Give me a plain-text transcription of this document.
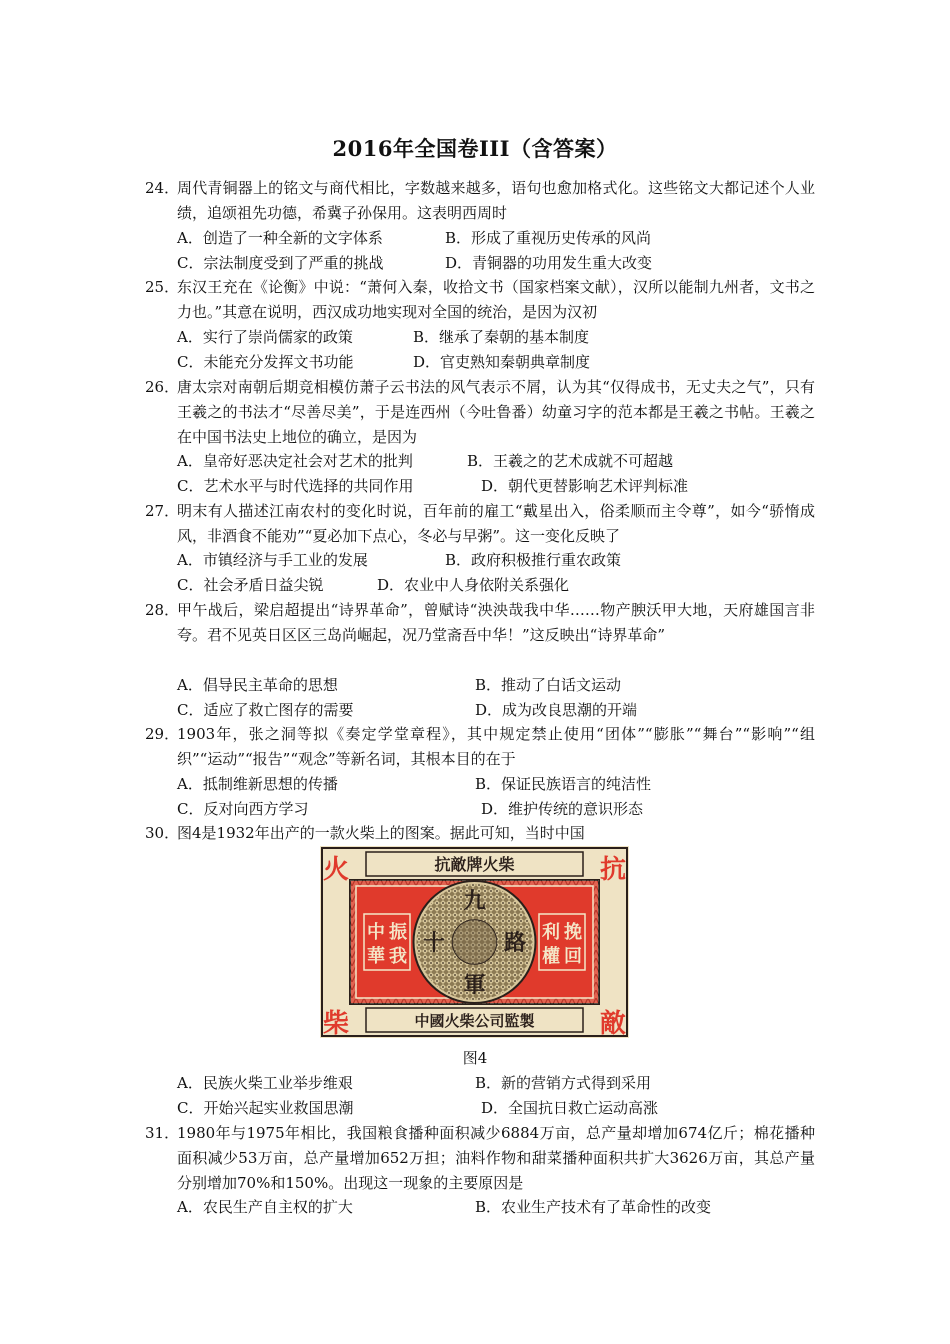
2016年全国卷III（含答案）
24．
周代青铜器上的铭文与商代相比，字数越来越多，语句也愈加格式化。这些铭文大都记述个人业绩，追颂祖先功德，希冀子孙保用。这表明西周时
A．创造了一种全新的文字体系	B．形成了重视历史传承的风尚
C．宗法制度受到了严重的挑战	D．青铜器的功用发生重大改变
25．
东汉王充在《论衡》中说：“萧何入秦，收拾文书（国家档案文献），汉所以能制九州者，文书之力也。”其意在说明，西汉成功地实现对全国的统治，是因为汉初
A．实行了崇尚儒家的政策	B．继承了秦朝的基本制度
C．未能充分发挥文书功能	D．官吏熟知秦朝典章制度
26．
唐太宗对南朝后期竞相模仿萧子云书法的风气表示不屑，认为其“仅得成书，无丈夫之气”，只有王羲之的书法才“尽善尽美”，于是连西州（今吐鲁番）幼童习字的范本都是王羲之书帖。王羲之在中国书法史上地位的确立，是因为
A．皇帝好恶决定社会对艺术的批判	B．王羲之的艺术成就不可超越
C．艺术水平与时代选择的共同作用	D．朝代更替影响艺术评判标准
27．
明末有人描述江南农村的变化时说，百年前的雇工“戴星出入，俗柔顺而主令尊”，如今“骄惰成风，非酒食不能劝”“夏必加下点心，冬必与早粥”。这一变化反映了
A．市镇经济与手工业的发展	B．政府积极推行重农政策
C．社会矛盾日益尖锐	D．农业中人身依附关系强化
28．
甲午战后，梁启超提出“诗界革命”，曾赋诗“泱泱哉我中华……物产腴沃甲大地，天府雄国言非夸。君不见英日区区三岛尚崛起，况乃堂斋吾中华！”这反映出“诗界革命”
A．倡导民主革命的思想	B．推动了白话文运动
C．适应了救亡图存的需要	D．成为改良思潮的开端
29．
1903年，张之洞等拟《奏定学堂章程》，其中规定禁止使用“团体”“膨胀”“舞台”“影响”“组织”“运动”“报告”“观念”等新名词，其根本目的在于
A．抵制维新思想的传播	B．保证民族语言的纯洁性
C．反对向西方学习	D．维护传统的意识形态
30．
图4是1932年出产的一款火柴上的图案。据此可知，当时中国
抗敵牌火柴
中國火柴公司監製
火	抗
柴	敵
振
中
我
華
挽
利
回
權
九
十	路
軍
图4
A．民族火柴工业举步维艰	B．新的营销方式得到采用
C．开始兴起实业救国思潮	D．全国抗日救亡运动高涨
31．
1980年与1975年相比，我国粮食播种面积减少6884万亩，总产量却增加674亿斤；棉花播种面积减少53万亩，总产量增加652万担；油料作物和甜菜播种面积共扩大3626万亩，其总产量分别增加70%和150%。出现这一现象的主要原因是
A．农民生产自主权的扩大	B．农业生产技术有了革命性的改变
